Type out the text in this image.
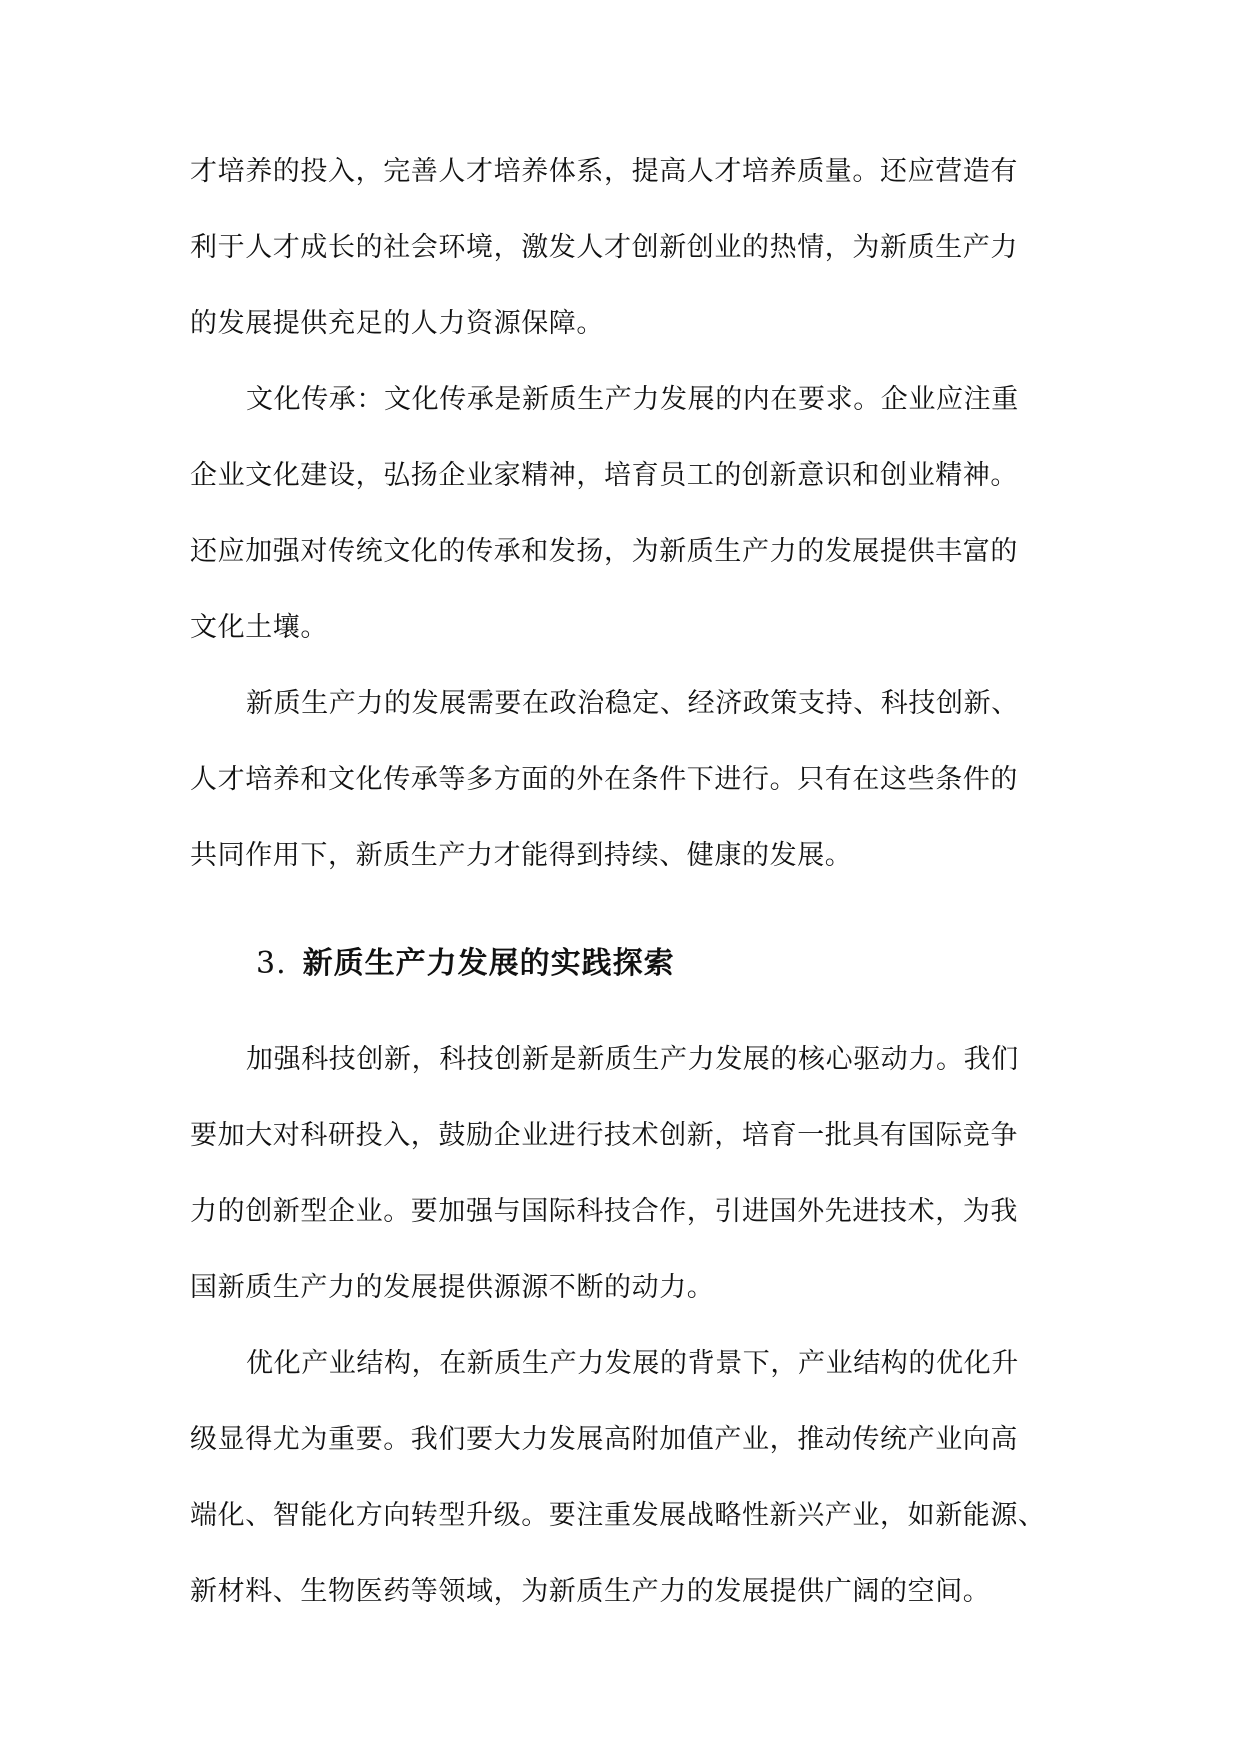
才培养的投入，完善人才培养体系，提高人才培养质量。还应营造有
利于人才成长的社会环境，激发人才创新创业的热情，为新质生产力
的发展提供充足的人力资源保障。
文化传承：文化传承是新质生产力发展的内在要求。企业应注重
企业文化建设，弘扬企业家精神，培育员工的创新意识和创业精神。
还应加强对传统文化的传承和发扬，为新质生产力的发展提供丰富的
文化土壤。
新质生产力的发展需要在政治稳定、经济政策支持、科技创新、
人才培养和文化传承等多方面的外在条件下进行。只有在这些条件的
共同作用下，新质生产力才能得到持续、健康的发展。
3. 新质生产力发展的实践探索
加强科技创新，科技创新是新质生产力发展的核心驱动力。我们
要加大对科研投入，鼓励企业进行技术创新，培育一批具有国际竞争
力的创新型企业。要加强与国际科技合作，引进国外先进技术，为我
国新质生产力的发展提供源源不断的动力。
优化产业结构，在新质生产力发展的背景下，产业结构的优化升
级显得尤为重要。我们要大力发展高附加值产业，推动传统产业向高
端化、智能化方向转型升级。要注重发展战略性新兴产业，如新能源、
新材料、生物医药等领域，为新质生产力的发展提供广阔的空间。
